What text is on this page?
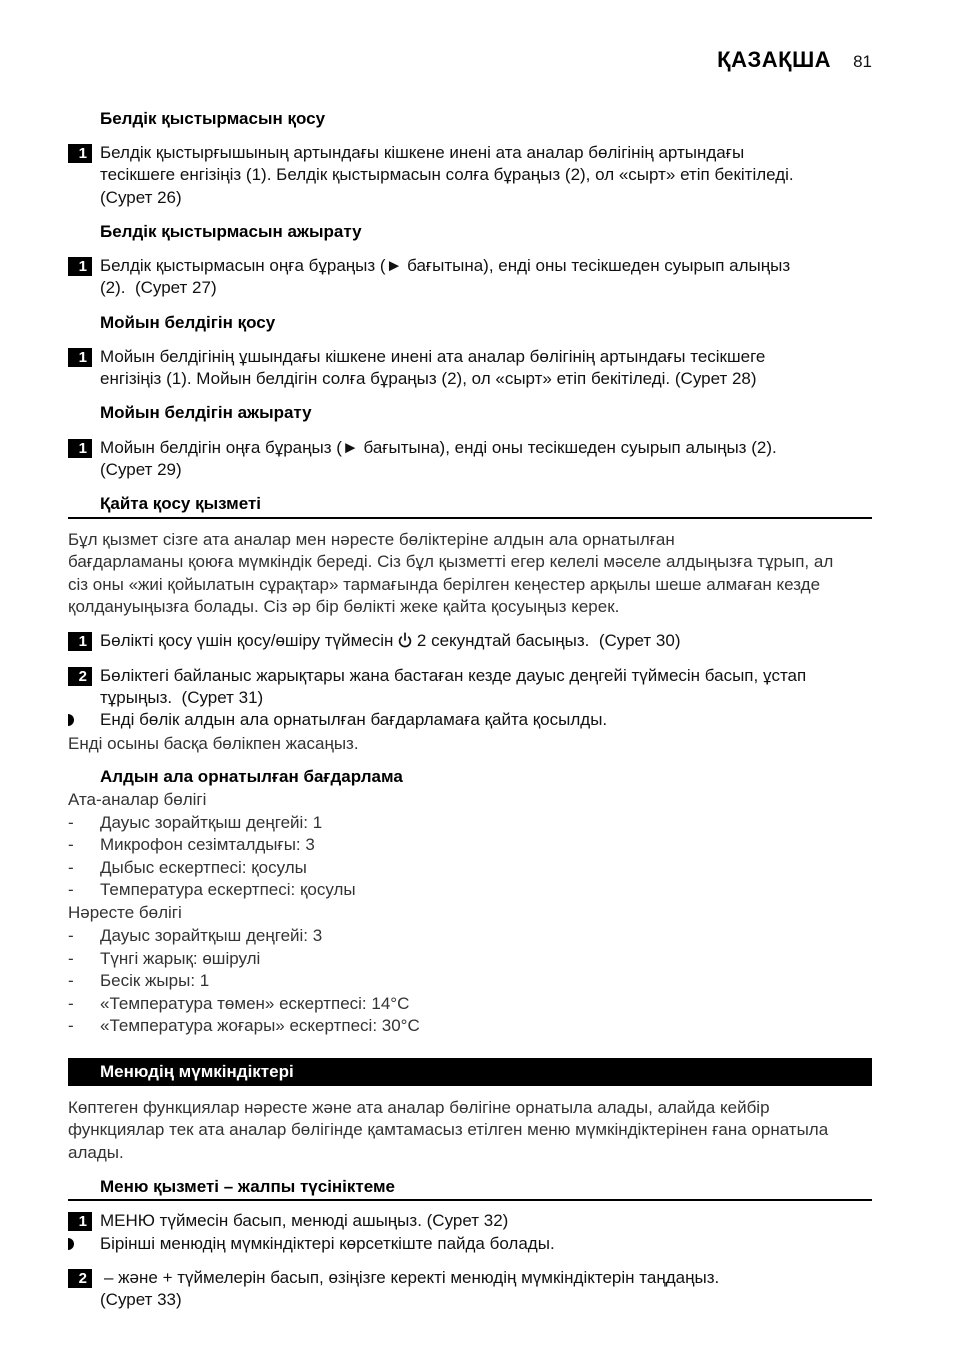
ҚАЗАҚША 81
Белдік қыстырмасын қосу
1 Белдік қыстырғышының артындағы кішкене инені ата аналар бөлігінің артындағы
тесікшеге енгізіңіз (1). Белдік қыстырмасын солға бұраңыз (2), ол «сырт» етіп бекітіледі.
(Сурет 26)
Белдік қыстырмасын ажырату
1 Белдік қыстырмасын оңға бұраңыз (► бағытына), енді оны тесікшеден суырып алыңыз
(2).  (Сурет 27)
Мойын белдігін қосу
1 Мойын белдігінің ұшындағы кішкене инені ата аналар бөлігінің артындағы тесікшеге
енгізіңіз (1). Мойын белдігін солға бұраңыз (2), ол «сырт» етіп бекітіледі. (Сурет 28)
Мойын белдігін ажырату
1 Мойын белдігін оңға бұраңыз (► бағытына), енді оны тесікшеден суырып алыңыз (2).
(Сурет 29)
Қайта қосу қызметі
Бұл қызмет сізге ата аналар мен нәресте бөліктеріне алдын ала орнатылған
бағдарламаны қоюға мүмкіндік береді. Сіз бұл қызметті егер келелі мәселе алдыңызға тұрып, ал
сіз оны «жиі қойылатын сұрақтар» тармағында берілген кеңестер арқылы шеше алмаған кезде
қолдануыңызға болады. Сіз әр бір бөлікті жеке қайта қосуыңыз керек.
1 Бөлікті қосу үшін қосу/өшіру түймесін 2 секундтай басыңыз.  (Сурет 30)
2 Бөліктегі байланыс жарықтары жана бастаған кезде дауыс деңгейі түймесін басып, ұстап
тұрыңыз.  (Сурет 31)
Енді бөлік алдын ала орнатылған бағдарламаға қайта қосылды.
Енді осыны басқа бөлікпен жасаңыз.
Алдын ала орнатылған бағдарлама
Ата-аналар бөлігі
- Дауыс зорайтқыш деңгейі: 1
- Микрофон сезімталдығы: 3
- Дыбыс ескертпесі: қосулы
- Температура ескертпесі: қосулы
Нәресте бөлігі
- Дауыс зорайтқыш деңгейі: 3
- Түнгі жарық: өшірулі
- Бесік жыры: 1
- «Температура төмен» ескертпесі: 14°C
- «Температура жоғары» ескертпесі: 30°C
Менюдің мүмкіндіктері
Көптеген функциялар нәресте және ата аналар бөлігіне орнатыла алады, алайда кейбір
функциялар тек ата аналар бөлігінде қамтамасыз етілген меню мүмкіндіктерінен ғана орнатыла
алады.
Меню қызметі – жалпы түсініктеме
1 МЕНЮ түймесін басып, менюді ашыңыз. (Сурет 32)
Бірінші менюдің мүмкіндіктері көрсеткіште пайда болады.
2 – және + түймелерін басып, өзіңізге керекті менюдің мүмкіндіктерін таңдаңыз.
(Сурет 33)
